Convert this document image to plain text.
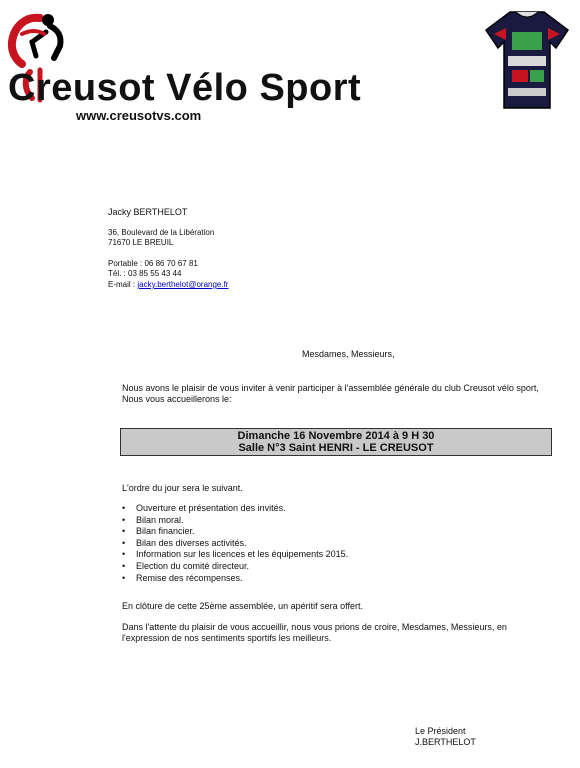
Creusot Vélo Sport
www.creusotvs.com
Jacky BERTHELOT
36, Boulevard de la Libération
71670 LE BREUIL
Portable : 06 86 70 67 81
Tél. : 03 85 55 43 44
E-mail : jacky.berthelot@orange.fr
Mesdames, Messieurs,
Nous avons le plaisir de vous inviter à venir participer à l'assemblée générale du club Creusot vélo sport,
Nous vous accueillerons le:
Dimanche 16 Novembre 2014 à 9 H 30
Salle N°3 Saint HENRI - LE CREUSOT
L'ordre du jour sera le suivant.
• Ouverture et présentation des invités.
• Bilan moral.
• Bilan financier.
• Bilan des diverses activités.
• Information sur les licences et les équipements 2015.
• Election du comité directeur.
• Remise des récompenses.
En clôture de cette 25ème assemblée, un apéritif sera offert.
Dans l'attente du plaisir de vous accueillir, nous vous prions de croire, Mesdames, Messieurs, en l'expression de nos sentiments sportifs les meilleurs.
Le Président
J.BERTHELOT
